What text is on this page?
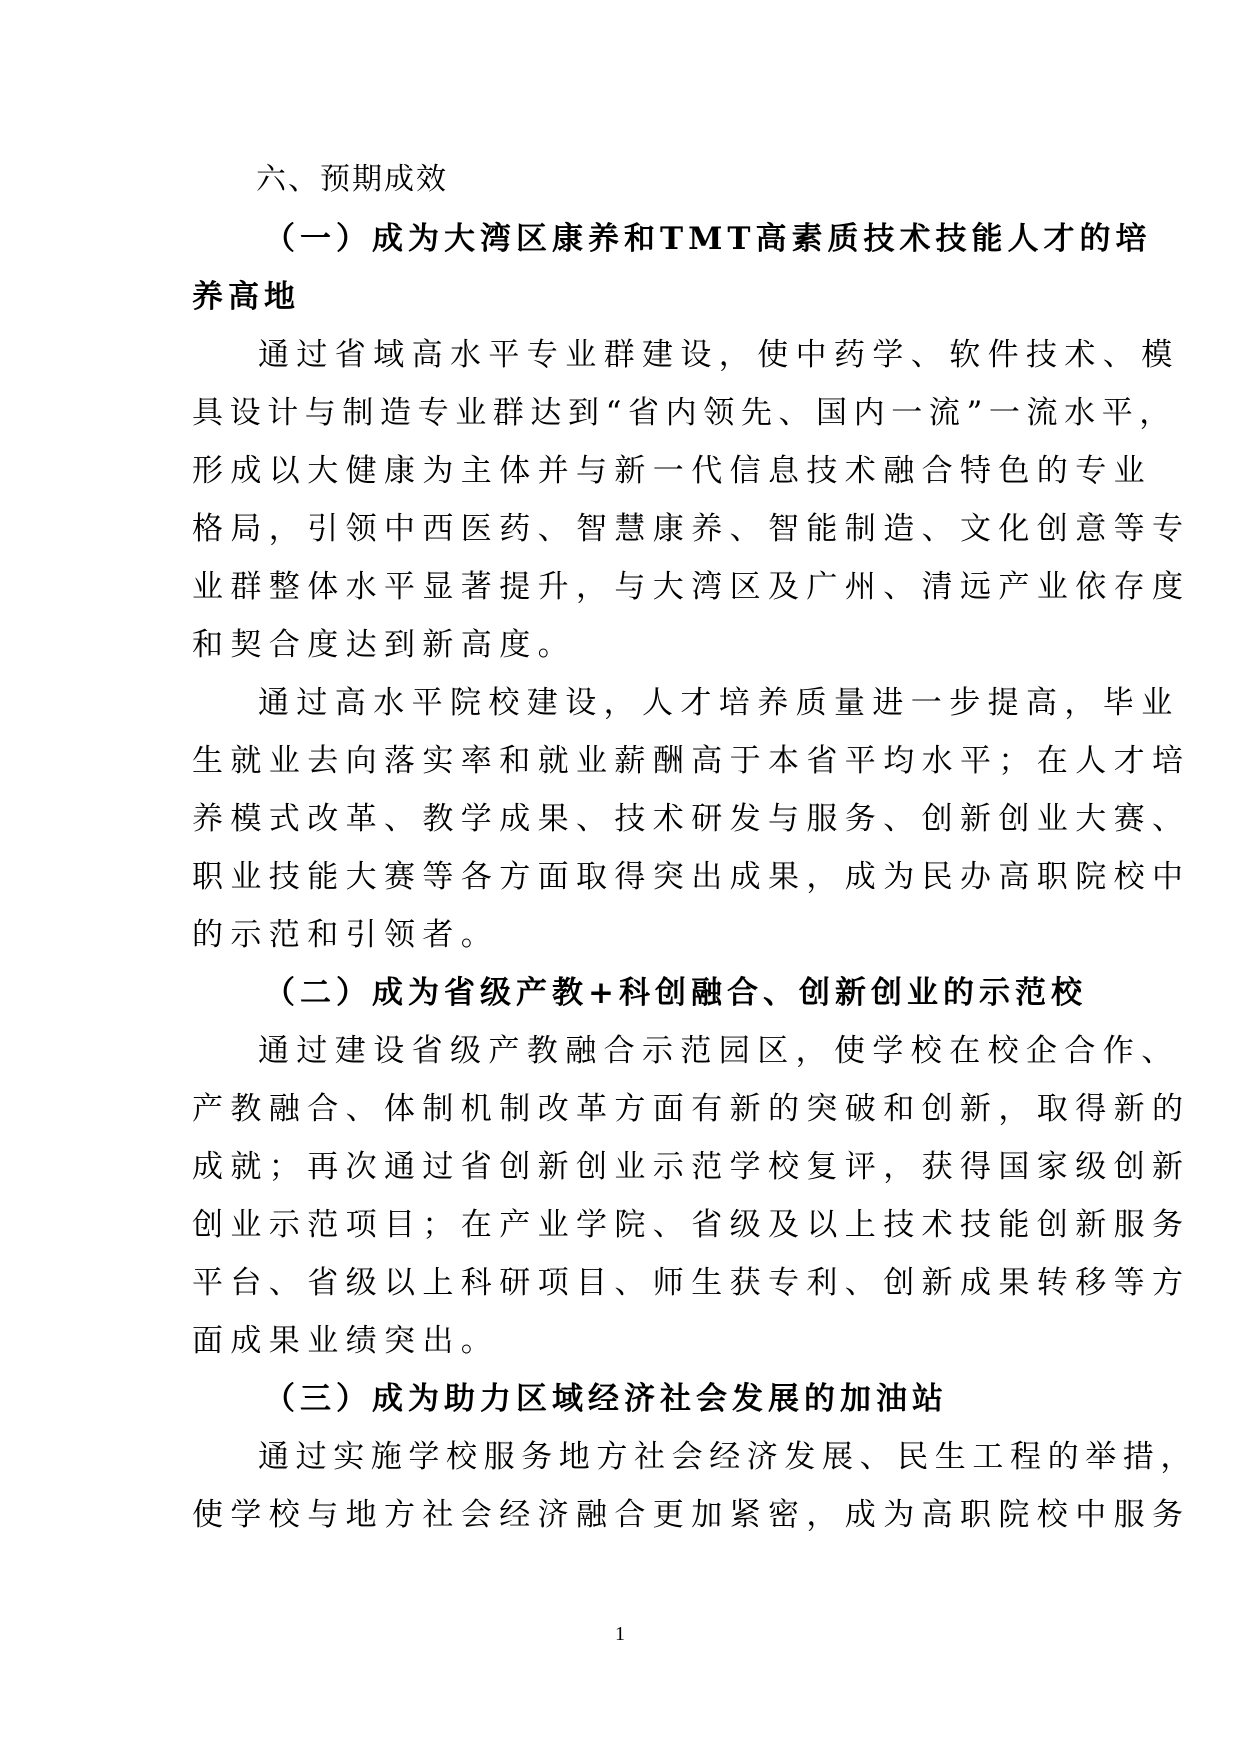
六、预期成效
（一）成为大湾区康养和TMT高素质技术技能人才的培
养高地
通过省域高水平专业群建设，使中药学、软件技术、模
具设计与制造专业群达到“省内领先、国内一流”一流水平，
形成以大健康为主体并与新一代信息技术融合特色的专业
格局，引领中西医药、智慧康养、智能制造、文化创意等专
业群整体水平显著提升，与大湾区及广州、清远产业依存度
和契合度达到新高度。
通过高水平院校建设，人才培养质量进一步提高，毕业
生就业去向落实率和就业薪酬高于本省平均水平；在人才培
养模式改革、教学成果、技术研发与服务、创新创业大赛、
职业技能大赛等各方面取得突出成果，成为民办高职院校中
的示范和引领者。
（二）成为省级产教+科创融合、创新创业的示范校
通过建设省级产教融合示范园区，使学校在校企合作、
产教融合、体制机制改革方面有新的突破和创新，取得新的
成就；再次通过省创新创业示范学校复评，获得国家级创新
创业示范项目；在产业学院、省级及以上技术技能创新服务
平台、省级以上科研项目、师生获专利、创新成果转移等方
面成果业绩突出。
（三）成为助力区域经济社会发展的加油站
通过实施学校服务地方社会经济发展、民生工程的举措，
使学校与地方社会经济融合更加紧密，成为高职院校中服务
1
